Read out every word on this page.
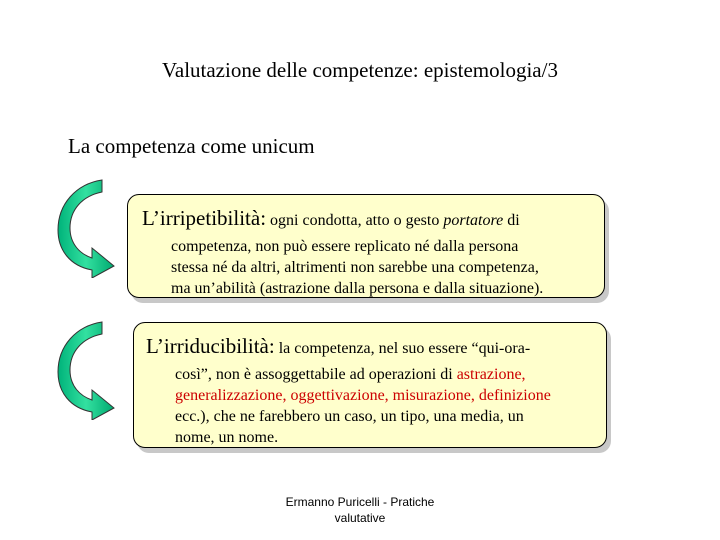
Valutazione delle competenze: epistemologia/3
La competenza come unicum
L’irripetibilità: ogni condotta, atto o gesto portatore di
competenza, non può essere replicato né dalla persona
stessa né da altri, altrimenti non sarebbe una competenza,
ma un’abilità (astrazione dalla persona e dalla situazione).
L’irriducibilità: la competenza, nel suo essere “qui-ora-
così”, non è assoggettabile ad operazioni di astrazione,
generalizzazione, oggettivazione, misurazione, definizione
ecc.), che ne farebbero un caso, un tipo, una media, un
nome, un nome.
Ermanno Puricelli - Pratiche
valutative
